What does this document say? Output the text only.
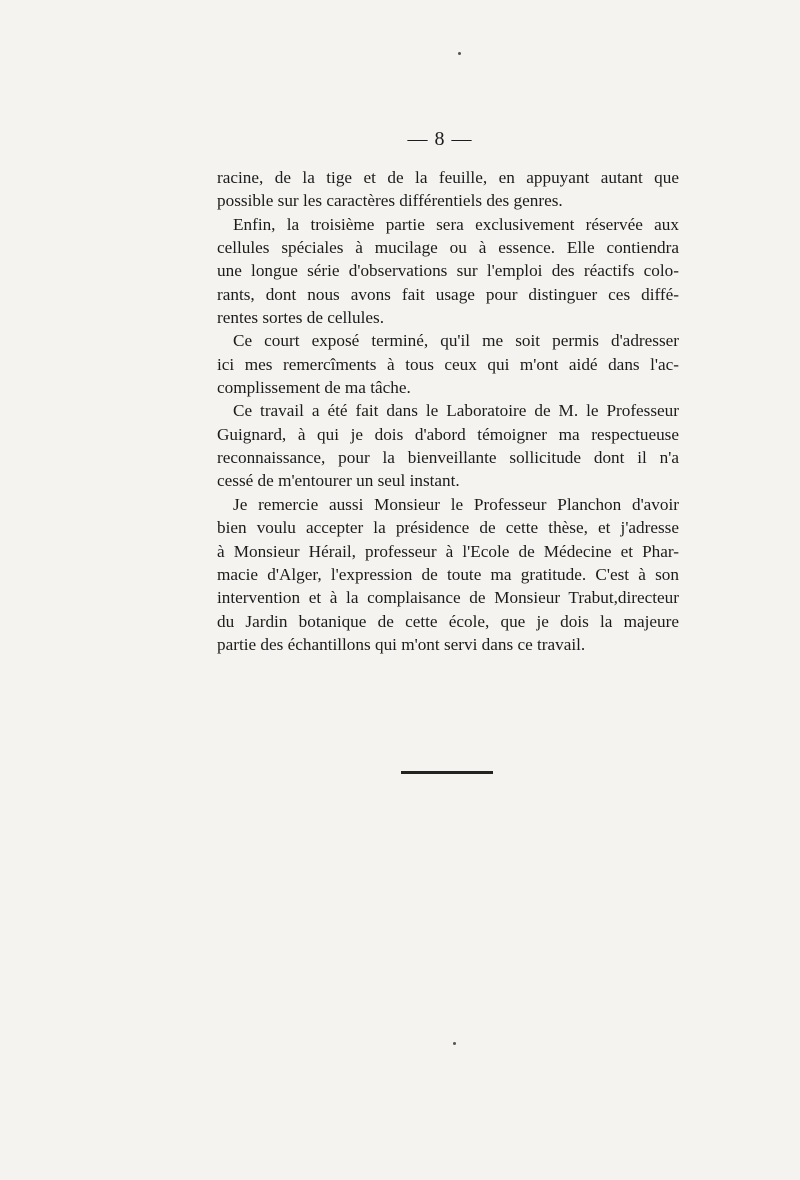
— 8 —
racine, de la tige et de la feuille, en appuyant autant que
possible sur les caractères différentiels des genres.
Enfin, la troisième partie sera exclusivement réservée aux
cellules spéciales à mucilage ou à essence. Elle contiendra
une longue série d'observations sur l'emploi des réactifs colo-
rants, dont nous avons fait usage pour distinguer ces diffé-
rentes sortes de cellules.
Ce court exposé terminé, qu'il me soit permis d'adresser
ici mes remercîments à tous ceux qui m'ont aidé dans l'ac-
complissement de ma tâche.
Ce travail a été fait dans le Laboratoire de M. le Professeur
Guignard, à qui je dois d'abord témoigner ma respectueuse
reconnaissance, pour la bienveillante sollicitude dont il n'a
cessé de m'entourer un seul instant.
Je remercie aussi Monsieur le Professeur Planchon d'avoir
bien voulu accepter la présidence de cette thèse, et j'adresse
à Monsieur Hérail, professeur à l'Ecole de Médecine et Phar-
macie d'Alger, l'expression de toute ma gratitude. C'est à son
intervention et à la complaisance de Monsieur Trabut,directeur
du Jardin botanique de cette école, que je dois la majeure
partie des échantillons qui m'ont servi dans ce travail.
